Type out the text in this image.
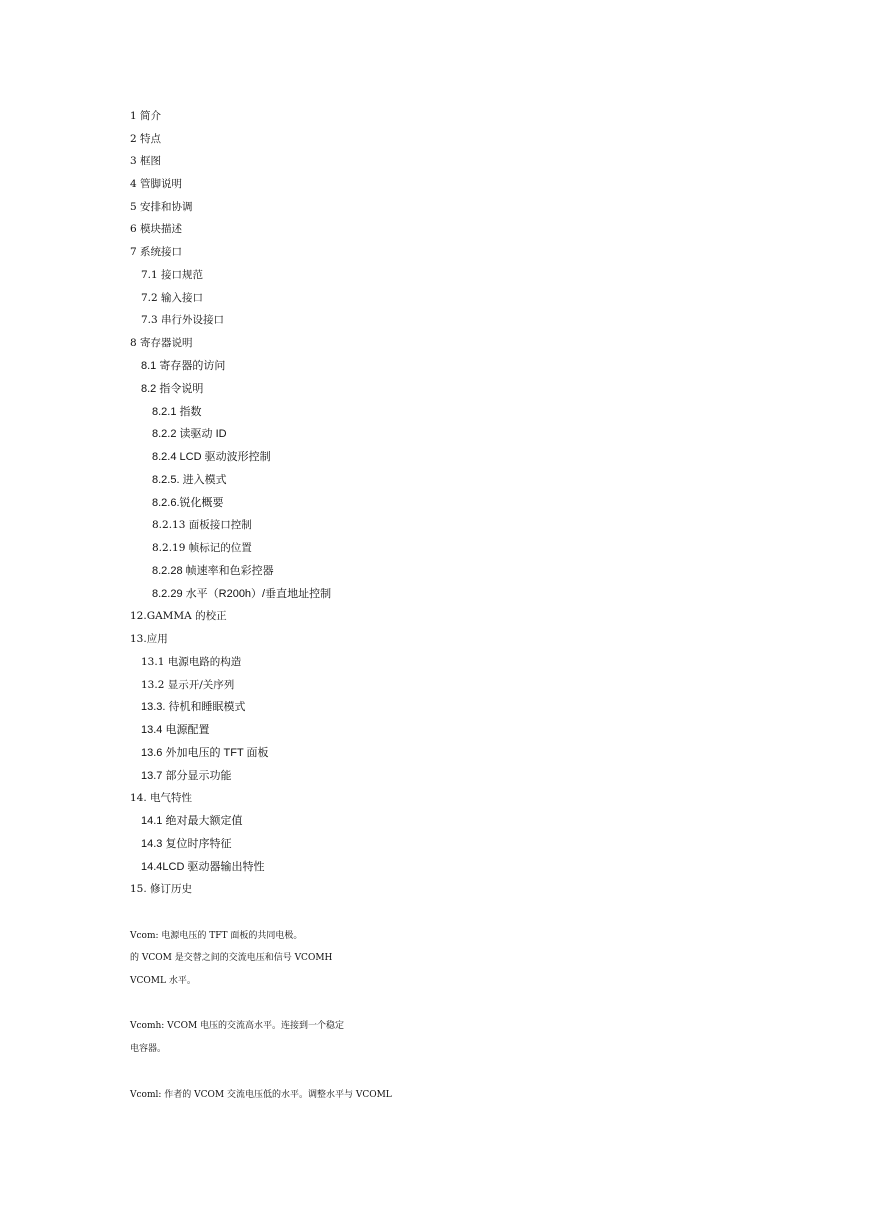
1 简介
2 特点
3 框图
4 管脚说明
5 安排和协调
6 模块描述
7 系统接口
7.1 接口规范
7.2 输入接口
7.3 串行外设接口
8 寄存器说明
8.1 寄存器的访问
8.2 指令说明
8.2.1 指数
8.2.2 读驱动 ID
8.2.4 LCD 驱动波形控制
8.2.5. 进入模式
8.2.6.锐化概要
8.2.13 面板接口控制
8.2.19 帧标记的位置
8.2.28 帧速率和色彩控器
8.2.29 水平（R200h）/垂直地址控制
12.GAMMA 的校正
13.应用
13.1 电源电路的构造
13.2 显示开/关序列
13.3. 待机和睡眠模式
13.4 电源配置
13.6 外加电压的 TFT 面板
13.7 部分显示功能
14. 电气特性
14.1 绝对最大额定值
14.3 复位时序特征
14.4LCD 驱动器输出特性
15. 修订历史
Vcom: 电源电压的 TFT 面板的共同电极。
的 VCOM 是交替之间的交流电压和信号 VCOMH
VCOML 水平。
Vcomh: VCOM 电压的交流高水平。连接到一个稳定
电容器。
Vcoml: 作者的 VCOM 交流电压低的水平。调整水平与 VCOML
